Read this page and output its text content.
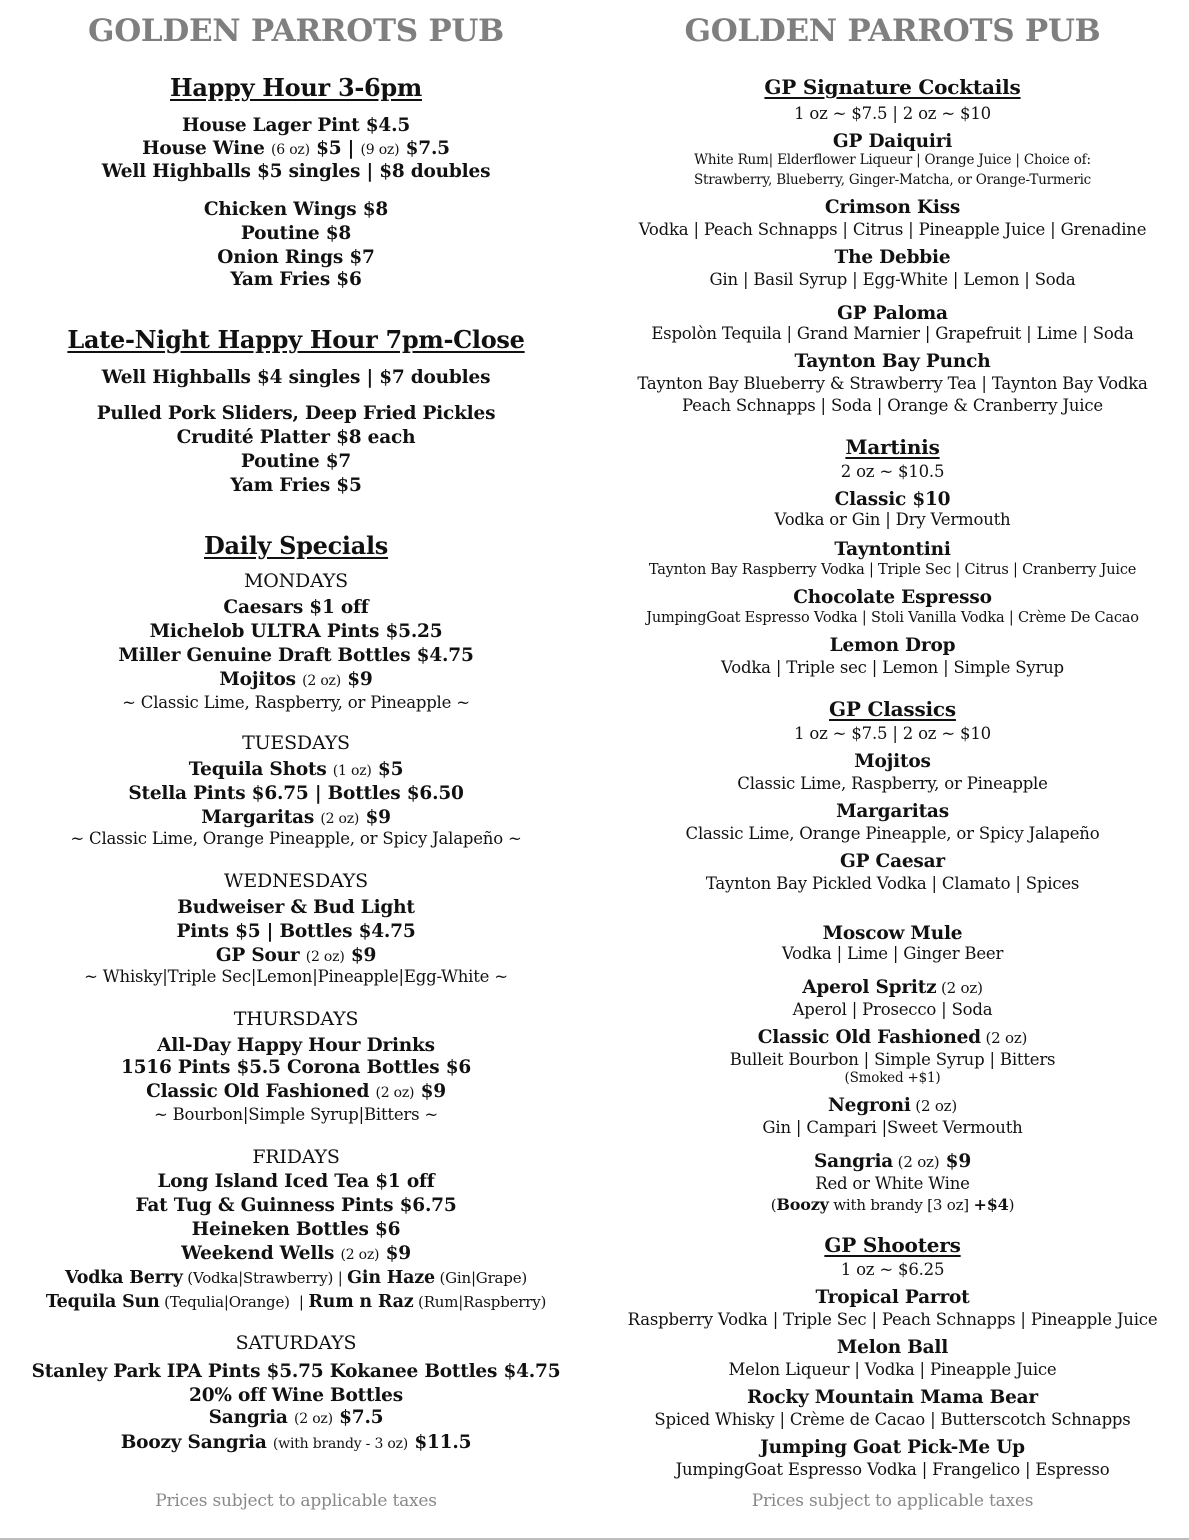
GOLDEN PARROTS PUB
Happy Hour 3-6pm
House Lager Pint $4.5
House Wine (6 oz) $5 | (9 oz) $7.5
Well Highballs $5 singles | $8 doubles
Chicken Wings $8
Poutine $8
Onion Rings $7
Yam Fries $6
Late-Night Happy Hour 7pm-Close
Well Highballs $4 singles | $7 doubles
Pulled Pork Sliders, Deep Fried Pickles
Crudité Platter $8 each
Poutine $7
Yam Fries $5
Daily Specials
MONDAYS
Caesars $1 off
Michelob ULTRA Pints $5.25
Miller Genuine Draft Bottles $4.75
Mojitos (2 oz) $9
~ Classic Lime, Raspberry, or Pineapple ~
TUESDAYS
Tequila Shots (1 oz) $5
Stella Pints $6.75 | Bottles $6.50
Margaritas (2 oz) $9
~ Classic Lime, Orange Pineapple, or Spicy Jalapeño ~
WEDNESDAYS
Budweiser & Bud Light
Pints $5 | Bottles $4.75
GP Sour (2 oz) $9
~ Whisky|Triple Sec|Lemon|Pineapple|Egg-White ~
THURSDAYS
All-Day Happy Hour Drinks
1516 Pints $5.5 Corona Bottles $6
Classic Old Fashioned (2 oz) $9
~ Bourbon|Simple Syrup|Bitters ~
FRIDAYS
Long Island Iced Tea $1 off
Fat Tug & Guinness Pints $6.75
Heineken Bottles $6
Weekend Wells (2 oz) $9
Vodka Berry (Vodka|Strawberry) | Gin Haze (Gin|Grape)
Tequila Sun (Tequlia|Orange)  | Rum n Raz (Rum|Raspberry)
SATURDAYS
Stanley Park IPA Pints $5.75 Kokanee Bottles $4.75
20% off Wine Bottles
Sangria (2 oz) $7.5
Boozy Sangria (with brandy - 3 oz) $11.5
Prices subject to applicable taxes
GOLDEN PARROTS PUB
GP Signature Cocktails
1 oz ~ $7.5 | 2 oz ~ $10
GP Daiquiri
White Rum| Elderflower Liqueur | Orange Juice | Choice of:
Strawberry, Blueberry, Ginger-Matcha, or Orange-Turmeric
Crimson Kiss
Vodka | Peach Schnapps | Citrus | Pineapple Juice | Grenadine
The Debbie
Gin | Basil Syrup | Egg-White | Lemon | Soda
GP Paloma
Espolòn Tequila | Grand Marnier | Grapefruit | Lime | Soda
Taynton Bay Punch
Taynton Bay Blueberry & Strawberry Tea | Taynton Bay Vodka
Peach Schnapps | Soda | Orange & Cranberry Juice
Martinis
2 oz ~ $10.5
Classic $10
Vodka or Gin | Dry Vermouth
Tayntontini
Taynton Bay Raspberry Vodka | Triple Sec | Citrus | Cranberry Juice
Chocolate Espresso
JumpingGoat Espresso Vodka | Stoli Vanilla Vodka | Crème De Cacao
Lemon Drop
Vodka | Triple sec | Lemon | Simple Syrup
GP Classics
1 oz ~ $7.5 | 2 oz ~ $10
Mojitos
Classic Lime, Raspberry, or Pineapple
Margaritas
Classic Lime, Orange Pineapple, or Spicy Jalapeño
GP Caesar
Taynton Bay Pickled Vodka | Clamato | Spices
Moscow Mule
Vodka | Lime | Ginger Beer
Aperol Spritz (2 oz)
Aperol | Prosecco | Soda
Classic Old Fashioned (2 oz)
Bulleit Bourbon | Simple Syrup | Bitters
(Smoked +$1)
Negroni (2 oz)
Gin | Campari |Sweet Vermouth
Sangria (2 oz) $9
Red or White Wine
(Boozy with brandy [3 oz] +$4)
GP Shooters
1 oz ~ $6.25
Tropical Parrot
Raspberry Vodka | Triple Sec | Peach Schnapps | Pineapple Juice
Melon Ball
Melon Liqueur | Vodka | Pineapple Juice
Rocky Mountain Mama Bear
Spiced Whisky | Crème de Cacao | Butterscotch Schnapps
Jumping Goat Pick-Me Up
JumpingGoat Espresso Vodka | Frangelico | Espresso
Prices subject to applicable taxes
